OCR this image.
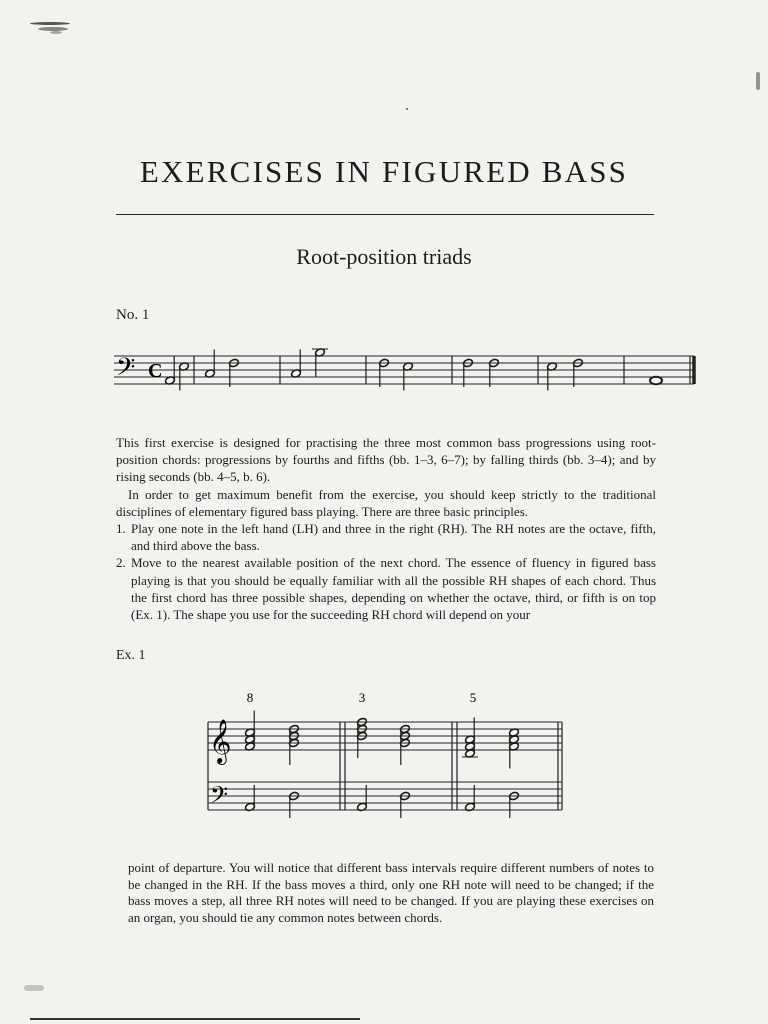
EXERCISES IN FIGURED BASS
Root-position triads
No. 1
𝄢 C

This first exercise is designed for practising the three most common bass progressions using root-position chords: progressions by fourths and fifths (bb. 1–3, 6–7); by falling thirds (bb. 3–4); and by rising seconds (bb. 4–5, b. 6).

In order to get maximum benefit from the exercise, you should keep strictly to the traditional disciplines of elementary figured bass playing. There are three basic principles.

1. Play one note in the left hand (LH) and three in the right (RH). The RH notes are the octave, fifth, and third above the bass.
2. Move to the nearest available position of the next chord. The essence of fluency in figured bass playing is that you should be equally familiar with all the possible RH shapes of each chord. Thus the first chord has three possible shapes, depending on whether the octave, third, or fifth is on top (Ex. 1). The shape you use for the succeeding RH chord will depend on your
Ex. 1
8	3	5
𝄞
𝄢

point of departure. You will notice that different bass intervals require different numbers of notes to be changed in the RH. If the bass moves a third, only one RH note will need to be changed; if the bass moves a step, all three RH notes will need to be changed. If you are playing these exercises on an organ, you should tie any common notes between chords.
